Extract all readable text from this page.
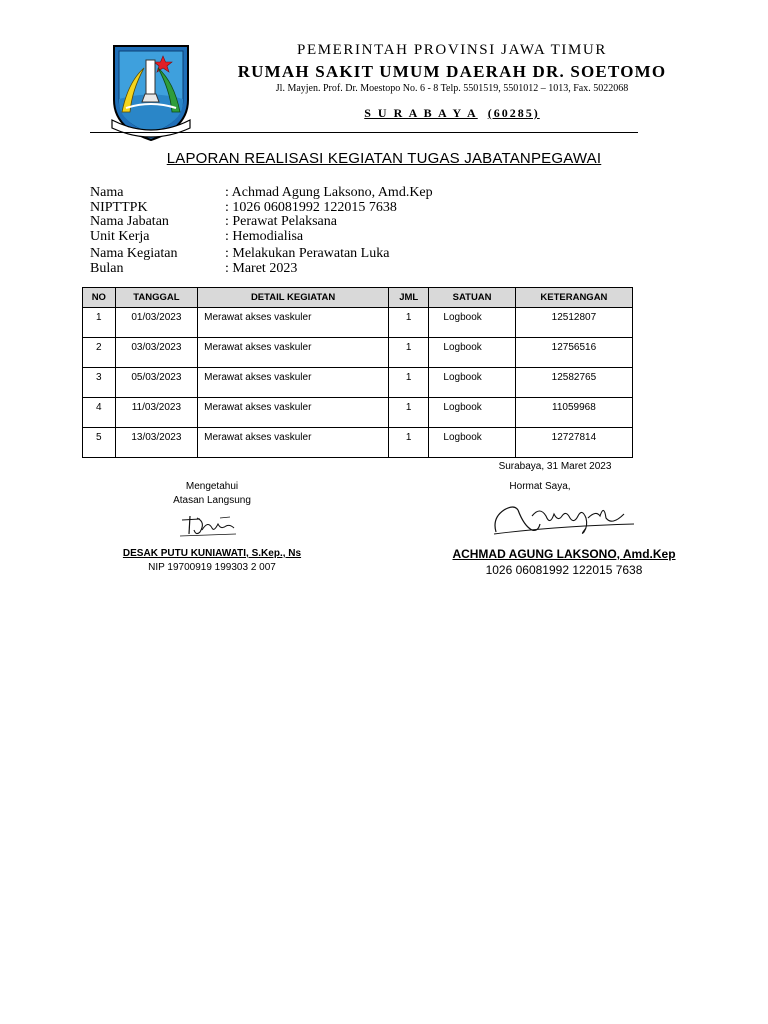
PEMERINTAH PROVINSI JAWA TIMUR
RUMAH SAKIT UMUM DAERAH DR. SOETOMO
Jl. Mayjen. Prof. Dr. Moestopo No. 6 - 8 Telp. 5501519, 5501012 – 1013, Fax. 5022068
S U R A B A Y A (60285)
LAPORAN REALISASI KEGIATAN TUGAS JABATANPEGAWAI
Nama	: Achmad Agung Laksono, Amd.Kep
NIPTTPK	: 1026 06081992 122015 7638
Nama Jabatan	: Perawat Pelaksana
Unit Kerja	: Hemodialisa
Nama Kegiatan	: Melakukan Perawatan Luka
Bulan	: Maret 2023
NO	TANGGAL	DETAIL KEGIATAN	JML	SATUAN	KETERANGAN
1	01/03/2023	Merawat akses vaskuler	1	Logbook	12512807
2	03/03/2023	Merawat akses vaskuler	1	Logbook	12756516
3	05/03/2023	Merawat akses vaskuler	1	Logbook	12582765
4	11/03/2023	Merawat akses vaskuler	1	Logbook	11059968
5	13/03/2023	Merawat akses vaskuler	1	Logbook	12727814
Surabaya, 31 Maret 2023
Mengetahui
Atasan Langsung
Hormat Saya,
DESAK PUTU KUNIAWATI, S.Kep., Ns
NIP 19700919 199303 2 007
ACHMAD AGUNG LAKSONO, Amd.Kep
1026 06081992 122015 7638
